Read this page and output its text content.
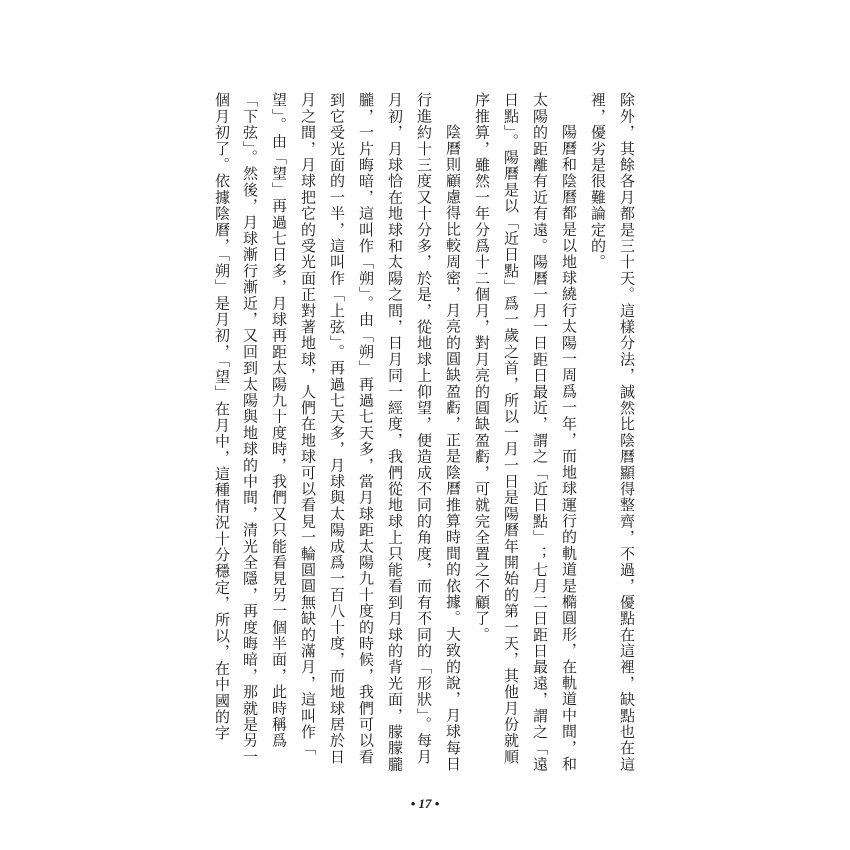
除外，其餘各月都是三十天。這樣分法，誠然比陰曆顯得整齊，不過，優點在這裡，缺點也在這
裡，優劣是很難論定的。
陽曆和陰曆都是以地球繞行太陽一周爲一年，而地球運行的軌道是橢圓形，在軌道中間，和
太陽的距離有近有遠。陽曆一月一日距日最近，謂之「近日點」；七月二日距日最遠，謂之「遠
日點」。陽曆是以「近日點」爲一歲之首，所以一月一日是陽曆年開始的第一天，其他月份就順
序推算，雖然一年分爲十二個月，對月亮的圓缺盈虧，可就完全置之不顧了。
陰曆則顧慮得比較周密，月亮的圓缺盈虧，正是陰曆推算時間的依據。大致的說，月球每日
行進約十三度又十分多，於是，從地球上仰望，便造成不同的角度，而有不同的「形狀」。每月
月初，月球恰在地球和太陽之間，日月同一經度，我們從地球上只能看到月球的背光面，朦朦朧
朧，一片晦暗，這叫作「朔」。由「朔」再過七天多，當月球距太陽九十度的時候，我們可以看
到它受光面的一半，這叫作「上弦」。再過七天多，月球與太陽成爲一百八十度，而地球居於日
月之間，月球把它的受光面正對著地球，人們在地球可以看見一輪圓圓無缺的滿月，這叫作「
望」。由「望」再過七日多，月球再距太陽九十度時，我們又只能看見另一個半面，此時稱爲
「下弦」。然後，月球漸行漸近，又回到太陽與地球的中間，清光全隱，再度晦暗，那就是另一
個月初了。依據陰曆，「朔」是月初，「望」在月中，這種情況十分穩定，所以，在中國的字
• 17 •
